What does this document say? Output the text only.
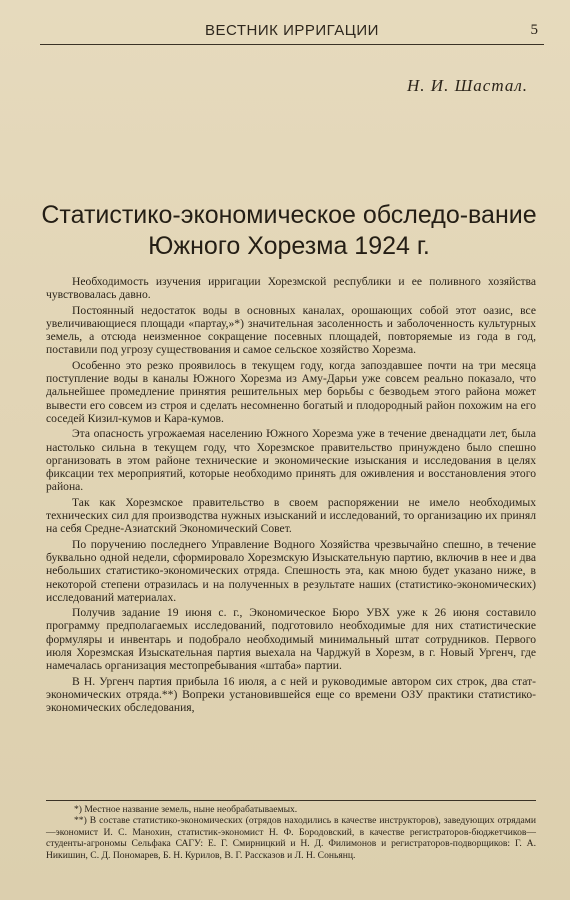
ВЕСТНИК ИРРИГАЦИИ	5
Н. И. Шастал.
Статистико-экономическое обследо-вание Южного Хорезма 1924 г.

Необходимость изучения ирригации Хорезмской республики и ее поливного хозяйства чувствовалась давно.

Постоянный недостаток воды в основных каналах, орошающих собой этот оазис, все увеличивающиеся площади «партау,»*) значительная засоленность и заболоченность культурных земель, а отсюда неизменное сокращение посевных площадей, повторяемые из года в год, поставили под угрозу существования и самое сельское хозяйство Хорезма.

Особенно это резко проявилось в текущем году, когда запоздавшее почти на три месяца поступление воды в каналы Южного Хорезма из Аму-Дарьи уже совсем реально показало, что дальнейшее промедление принятия решительных мер борьбы с безводьем этого района может вывести его совсем из строя и сделать несомненно богатый и плодородный район похожим на его соседей Кизил-кумов и Кара-кумов.

Эта опасность угрожаемая населению Южного Хорезма уже в течение двенадцати лет, была настолько сильна в текущем году, что Хорезмское правительство принуждено было спешно организовать в этом районе технические и экономические изыскания и исследования в целях фиксации тех мероприятий, которые необходимо принять для оживления и восстановления этого района.

Так как Хорезмское правительство в своем распоряжении не имело необходимых технических сил для производства нужных изысканий и исследований, то организацию их принял на себя Средне-Азиатский Экономический Совет.

По поручению последнего Управление Водного Хозяйства чрезвычайно спешно, в течение буквально одной недели, сформировало Хорезмскую Изыскательную партию, включив в нее и два небольших статистико-экономических отряда. Спешность эта, как мною будет указано ниже, в некоторой степени отразилась и на полученных в результате наших (статистико-экономических) исследований материалах.

Получив задание 19 июня с. г., Экономическое Бюро УВХ уже к 26 июня составило программу предполагаемых исследований, подготовило необходимые для них статистические формуляры и инвентарь и подобрало необходимый минимальный штат сотрудников. Первого июля Хорезмская Изыскательная партия выехала на Чарджуй в Хорезм, в г. Новый Ургенч, где намечалась организация местопребывания «штаба» партии.

В Н. Ургенч партия прибыла 16 июля, а с ней и руководимые автором сих строк, два стат-экономических отряда.**) Вопреки установившейся еще со времени ОЗУ практики статистико-экономических обследования,

*) Местное название земель, ныне необрабатываемых.

**) В составе статистико-экономических (отрядов находились в качестве инструкторов), заведующих отрядами—экономист И. С. Манохин, статистик-экономист Н. Ф. Бородовский, в качестве регистраторов-бюджетчиков—студенты-агрономы Сельфака САГУ: Е. Г. Смирницкий и Н. Д. Филимонов и регистраторов-подворщиков: Г. А. Никишин, С. Д. Пономарев, Б. Н. Курилов, В. Г. Рассказов и Л. Н. Соньянц.
